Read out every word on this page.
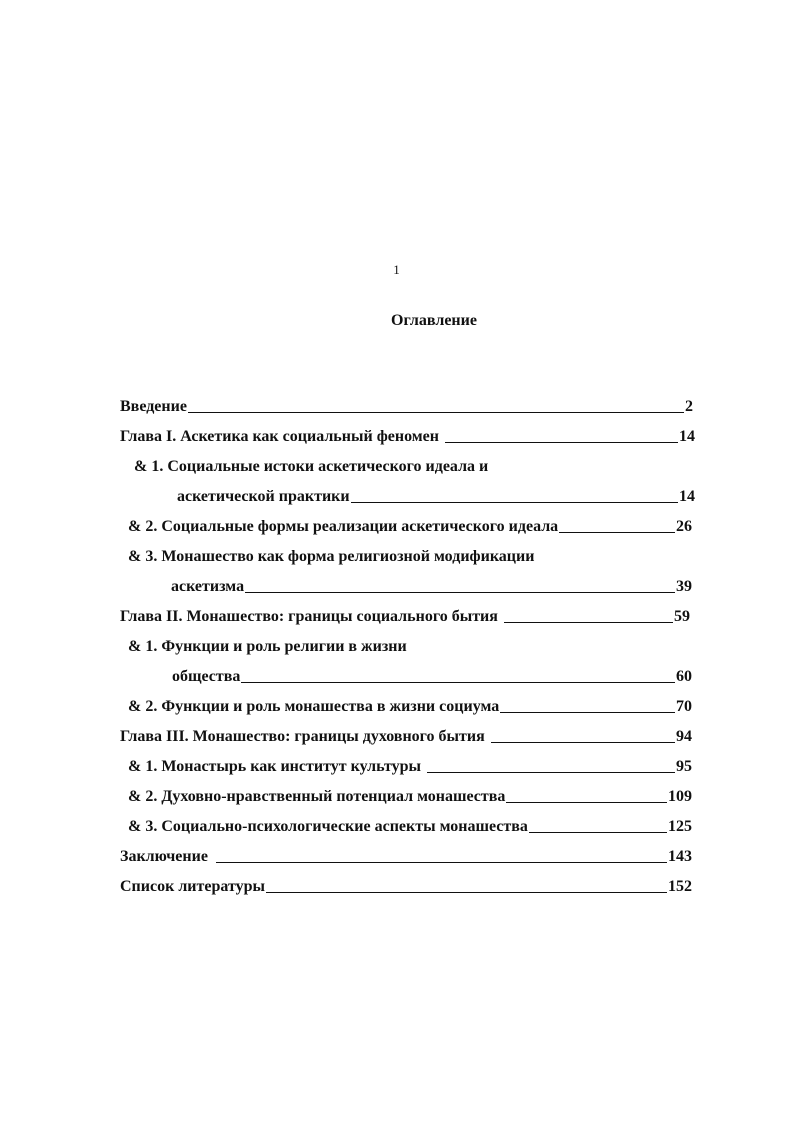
1
Оглавление
Введение	2
Глава I. Аскетика как социальный феномен	14
& 1. Социальные истоки аскетического идеала и
аскетической практики	14
& 2. Социальные формы реализации аскетического идеала	26
& 3. Монашество как форма религиозной модификации
аскетизма	39
Глава II. Монашество: границы социального бытия	59
& 1. Функции и роль религии в жизни
общества	60
& 2. Функции и роль монашества в жизни социума	70
Глава III. Монашество: границы духовного бытия	94
& 1. Монастырь как институт культуры	95
& 2. Духовно-нравственный потенциал монашества	109
& 3. Социально-психологические аспекты монашества	125
Заключение	143
Список литературы	152
